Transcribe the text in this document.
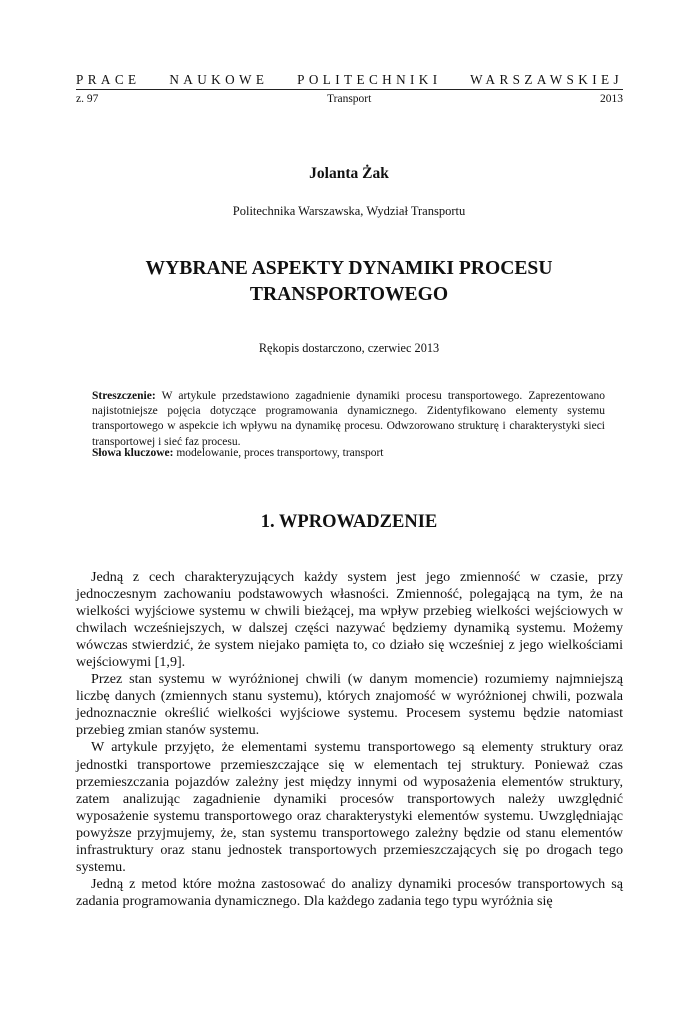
PRACE NAUKOWE POLITECHNIKI WARSZAWSKIEJ
z. 97	Transport	2013
Jolanta Żak
Politechnika Warszawska, Wydział Transportu
WYBRANE ASPEKTY DYNAMIKI PROCESU
TRANSPORTOWEGO
Rękopis dostarczono, czerwiec 2013

Streszczenie: W artykule przedstawiono zagadnienie dynamiki procesu transportowego. Zaprezentowano najistotniejsze pojęcia dotyczące programowania dynamicznego. Zidentyfikowano elementy systemu transportowego w aspekcie ich wpływu na dynamikę procesu. Odwzorowano strukturę i charakterystyki sieci transportowej i sieć faz procesu.

Słowa kluczowe: modelowanie, proces transportowy, transport

1. WPROWADZENIE

Jedną z cech charakteryzujących każdy system jest jego zmienność w czasie, przy jednoczesnym zachowaniu podstawowych własności. Zmienność, polegającą na tym, że na wielkości wyjściowe systemu w chwili bieżącej, ma wpływ przebieg wielkości wejściowych w chwilach wcześniejszych, w dalszej części nazywać będziemy dynamiką systemu. Możemy wówczas stwierdzić, że system niejako pamięta to, co działo się wcześniej z jego wielkościami wejściowymi [1,9].

Przez stan systemu w wyróżnionej chwili (w danym momencie) rozumiemy najmniejszą liczbę danych (zmiennych stanu systemu), których znajomość w wyróżnionej chwili, pozwala jednoznacznie określić wielkości wyjściowe systemu. Procesem systemu będzie natomiast przebieg zmian stanów systemu.

W artykule przyjęto, że elementami systemu transportowego są elementy struktury oraz jednostki transportowe przemieszczające się w elementach tej struktury. Ponieważ czas przemieszczania pojazdów zależny jest między innymi od wyposażenia elementów struktury, zatem analizując zagadnienie dynamiki procesów transportowych należy uwzględnić wyposażenie systemu transportowego oraz charakterystyki elementów systemu. Uwzględniając powyższe przyjmujemy, że, stan systemu transportowego zależny będzie od stanu elementów infrastruktury oraz stanu jednostek transportowych przemieszczających się po drogach tego systemu.

Jedną z metod które można zastosować do analizy dynamiki procesów transportowych są zadania programowania dynamicznego. Dla każdego zadania tego typu wyróżnia się
